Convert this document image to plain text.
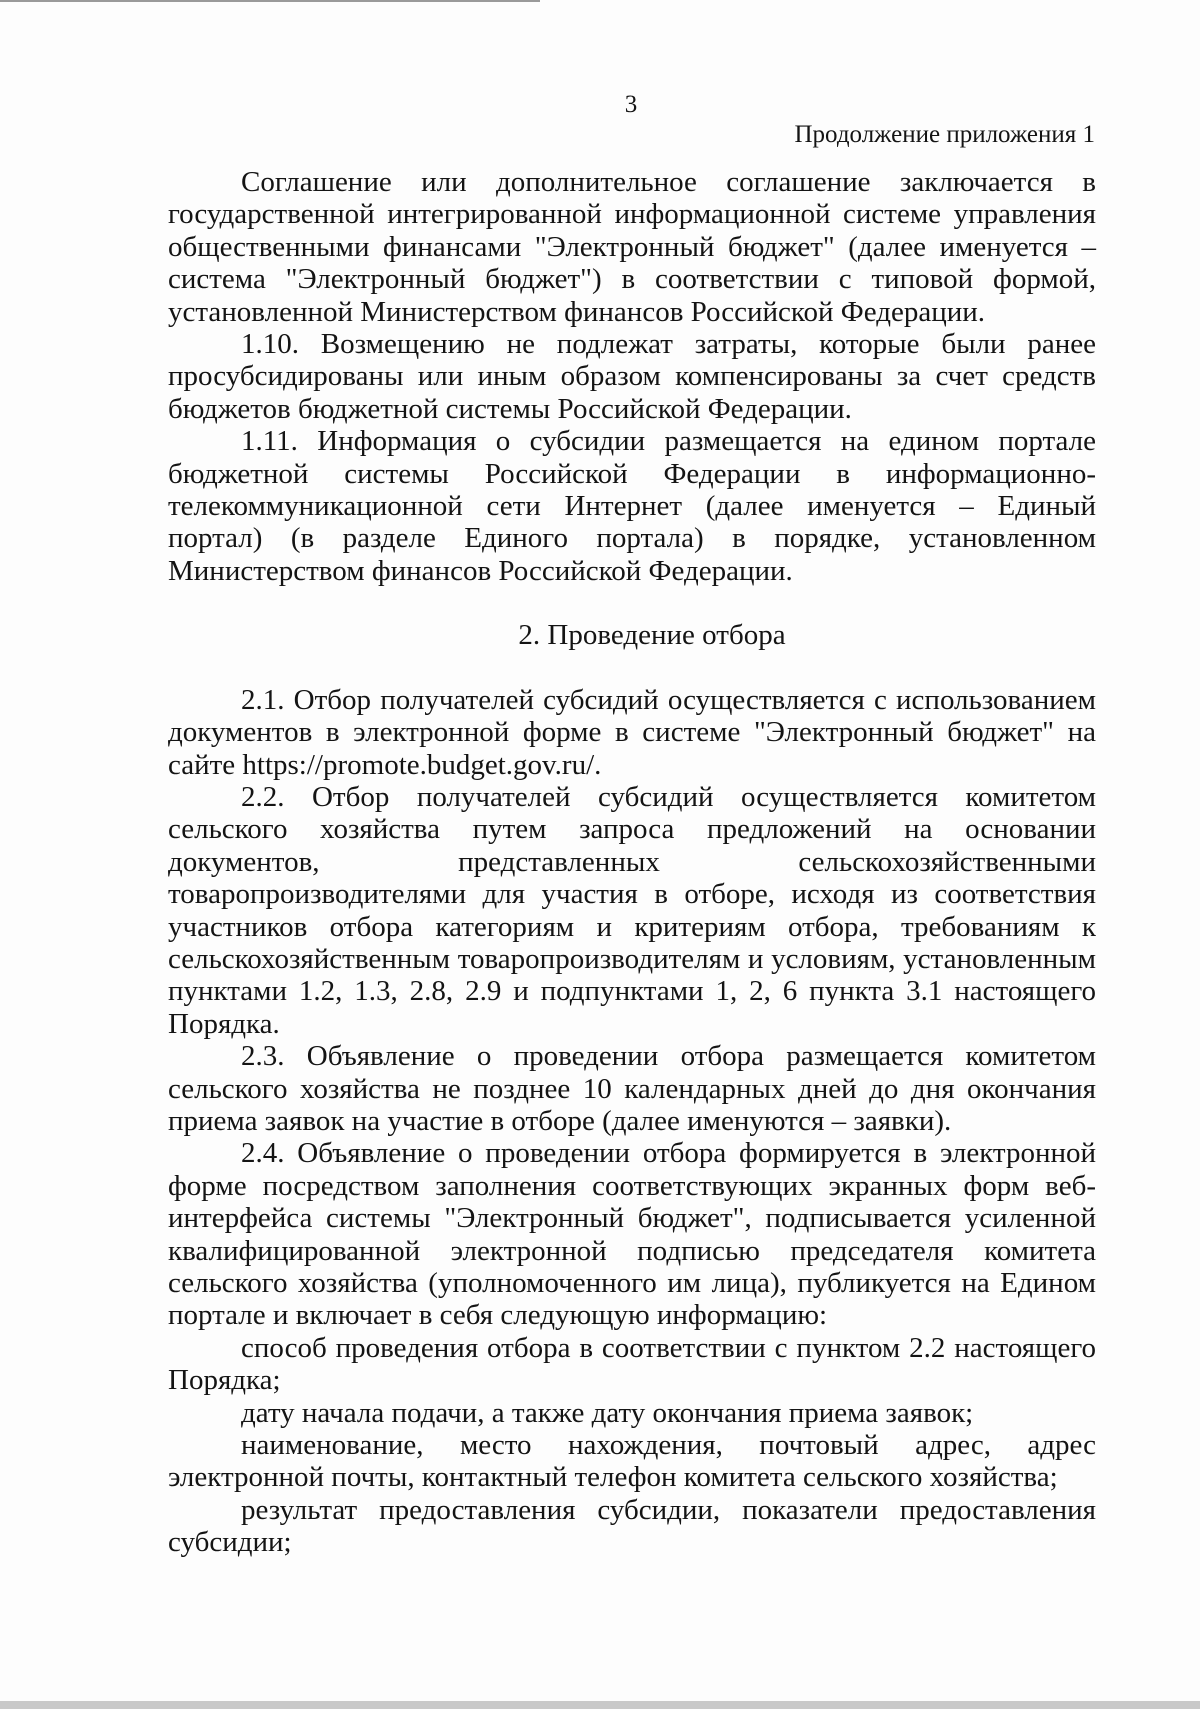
3

Продолжение приложения 1

Соглашение или дополнительное соглашение заключается в государственной интегрированной информационной системе управления общественными финансами "Электронный бюджет" (далее именуется – система "Электронный бюджет") в соответствии с типовой формой, установленной Министерством финансов Российской Федерации.

1.10. Возмещению не подлежат затраты, которые были ранее просубсидированы или иным образом компенсированы за счет средств бюджетов бюджетной системы Российской Федерации.

1.11. Информация о субсидии размещается на едином портале бюджетной системы Российской Федерации в информационно-телекоммуникационной сети Интернет (далее именуется – Единый портал) (в разделе Единого портала) в порядке, установленном Министерством финансов Российской Федерации.

2. Проведение отбора

2.1. Отбор получателей субсидий осуществляется с использованием документов в электронной форме в системе "Электронный бюджет" на сайте https://promote.budget.gov.ru/.

2.2. Отбор получателей субсидий осуществляется комитетом сельского хозяйства путем запроса предложений на основании документов, представленных сельскохозяйственными товаропроизводителями для участия в отборе, исходя из соответствия участников отбора категориям и критериям отбора, требованиям к сельскохозяйственным товаропроизводителям и условиям, установленным пунктами 1.2, 1.3, 2.8, 2.9 и подпунктами 1, 2, 6 пункта 3.1 настоящего Порядка.

2.3. Объявление о проведении отбора размещается комитетом сельского хозяйства не позднее 10 календарных дней до дня окончания приема заявок на участие в отборе (далее именуются – заявки).

2.4. Объявление о проведении отбора формируется в электронной форме посредством заполнения соответствующих экранных форм веб-интерфейса системы "Электронный бюджет", подписывается усиленной квалифицированной электронной подписью председателя комитета сельского хозяйства (уполномоченного им лица), публикуется на Едином портале и включает в себя следующую информацию:

способ проведения отбора в соответствии с пунктом 2.2 настоящего Порядка;

дату начала подачи, а также дату окончания приема заявок;

наименование, место нахождения, почтовый адрес, адрес электронной почты, контактный телефон комитета сельского хозяйства;

результат предоставления субсидии, показатели предоставления субсидии;
